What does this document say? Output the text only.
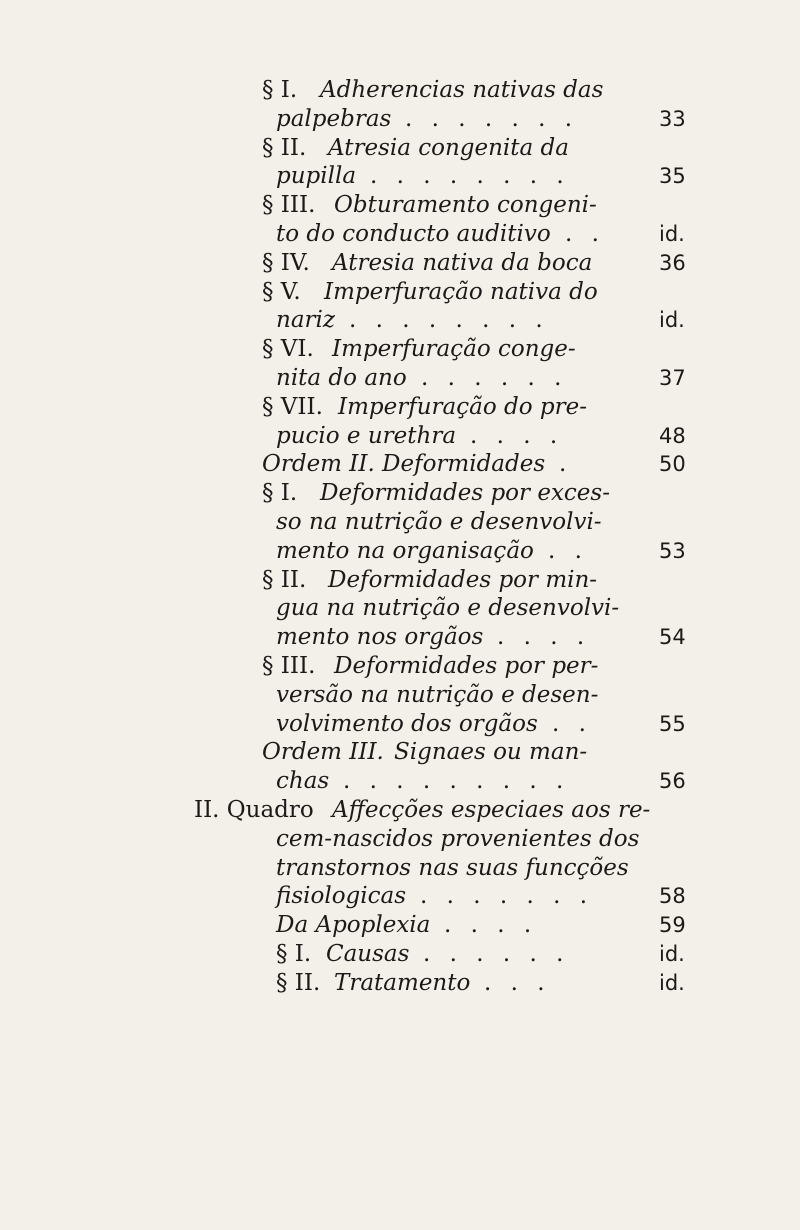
§ I. Adherencias nativas das
palpebras . . . . . . .	33
§ II. Atresia congenita da
pupilla . . . . . . . .	35
§ III. Obturamento congeni-
to do conducto auditivo . .	id.
§ IV. Atresia nativa da boca	36
§ V. Imperfuração nativa do
nariz . . . . . . . .	id.
§ VI. Imperfuração conge-
nita do ano . . . . . .	37
§ VII. Imperfuração do pre-
pucio e urethra . . . .	48
Ordem II. Deformidades .	50
§ I. Deformidades por exces-
so na nutrição e desenvolvi-
mento na organisação . .	53
§ II. Deformidades por min-
gua na nutrição e desenvolvi-
mento nos orgãos . . . .	54
§ III. Deformidades por per-
versão na nutrição e desen-
volvimento dos orgãos . .	55
Ordem III. Signaes ou man-
chas . . . . . . . . .	56
II. Quadro Affecções especiaes aos re-
cem-nascidos provenientes dos
transtornos nas suas funcções
fisiologicas . . . . . . .	58
Da Apoplexia . . . .	59
§ I. Causas . . . . . .	id.
§ II. Tratamento . . .	id.
